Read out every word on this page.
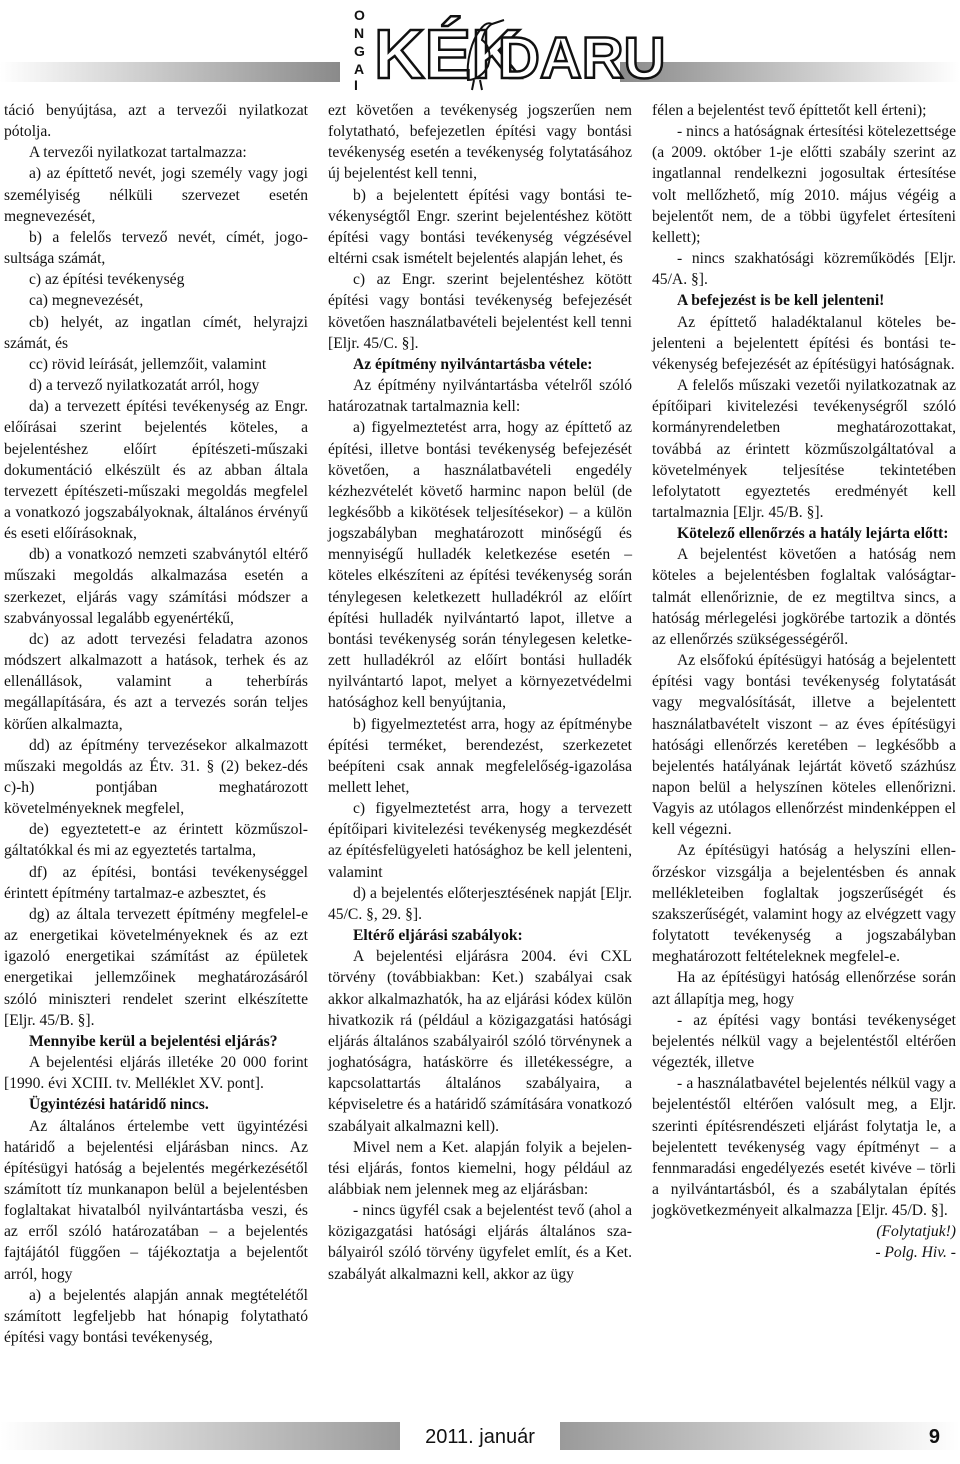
O
N
G
A
I KÉK
DARU

táció benyújtása, azt a tervezői nyilatkozat pótolja.

A tervezői nyilatkozat tartalmazza:

a) az építtető nevét, jogi személy vagy jogi személyiség nélküli szervezet esetén megnevezését,

b) a felelős tervező nevét, címét, jogosultsága számát,

c) az építési tevékenység

ca) megnevezését,

cb) helyét, az ingatlan címét, helyrajzi számát, és

cc) rövid leírását, jellemzőit, valamint

d) a tervező nyilatkozatát arról, hogy

da) a tervezett építési tevékenység az Engr. előírásai szerint bejelentés köteles, a bejelentéshez előírt építészeti-műszaki dokumentáció elkészült és az abban általa tervezett építészeti-műszaki megoldás megfelel a vonatkozó jogszabályoknak, általános érvényű és eseti előírásoknak,

db) a vonatkozó nemzeti szabványtól eltérő műszaki megoldás alkalmazása esetén a szerkezet, eljárás vagy számítási módszer a szabványossal legalább egyenértékű,

dc) az adott tervezési feladatra azonos módszert alkalmazott a hatások, terhek és az ellenállások, valamint a teherbírás megállapítására, és azt a tervezés során teljes körűen alkalmazta,

dd) az építmény tervezésekor alkalmazott műszaki megoldás az Étv. 31. § (2) bekez-dés c)-h) pontjában meghatározott követelményeknek megfelel,

de) egyeztetett-e az érintett közműszolgáltatókkal és mi az egyeztetés tartalma,

df) az építési, bontási tevékenységgel érintett építmény tartalmaz-e azbesztet, és

dg) az általa tervezett építmény megfelel-e az energetikai követelményeknek és az ezt igazoló energetikai számítást az épületek energetikai jellemzőinek meghatározásáról szóló miniszteri rendelet szerint elkészítette [Eljr. 45/B. §].

Mennyibe kerül a bejelentési eljárás?

A bejelentési eljárás illetéke 20 000 forint [1990. évi XCIII. tv. Melléklet XV. pont].

Ügyintézési határidő nincs.

Az általános értelembe vett ügyintézési határidő a bejelentési eljárásban nincs. Az építésügyi hatóság a bejelentés megérkezésétől számított tíz munkanapon belül a bejelentésben foglaltakat hivatalból nyilvántartásba veszi, és az erről szóló határozatában – a bejelentés fajtájától függően – tájékoztatja a bejelentőt arról, hogy

a) a bejelentés alapján annak megtételétől számított legfeljebb hat hónapig folytatható építési vagy bontási tevékenység,

ezt követően a tevékenység jogszerűen nem folytatható, befejezetlen építési vagy bontási tevékenység esetén a tevékenység folytatásához új bejelentést kell tenni,

b) a bejelentett építési vagy bontási tevékenységtől Engr. szerint bejelentéshez kötött építési vagy bontási tevékenység végzésével eltérni csak ismételt bejelentés alapján lehet, és

c) az Engr. szerint bejelentéshez kötött építési vagy bontási tevékenység befejezését követően használatbavételi bejelentést kell tenni [Eljr. 45/C. §].

Az építmény nyilvántartásba vétele:

Az építmény nyilvántartásba vételről szóló határozatnak tartalmaznia kell:

a) figyelmeztetést arra, hogy az építtető az építési, illetve bontási tevékenység befejezését követően, a használatbavételi engedély kézhezvételét követő harminc napon belül (de legkésőbb a kikötések teljesítésekor) – a külön jogszabályban meghatározott minőségű és mennyiségű hulladék keletkezése esetén – köteles elkészíteni az építési tevékenység során ténylegesen keletkezett hulladékról az előírt építési hulladék nyilvántartó lapot, illetve a bontási tevékenység során ténylegesen keletkezett hulladékról az előírt bontási hulladék nyilvántartó lapot, melyet a környezetvédelmi hatósághoz kell benyújtania,

b) figyelmeztetést arra, hogy az építménybe építési terméket, berendezést, szerkezetet beépíteni csak annak megfelelőség-igazolása mellett lehet,

c) figyelmeztetést arra, hogy a tervezett építőipari kivitelezési tevékenység megkezdését az építésfelügyeleti hatósághoz be kell jelenteni, valamint

d) a bejelentés előterjesztésének napját [Eljr. 45/C. §, 29. §].

Eltérő eljárási szabályok:

A bejelentési eljárásra 2004. évi CXL törvény (továbbiakban: Ket.) szabályai csak akkor alkalmazhatók, ha az eljárási kódex külön hivatkozik rá (például a közigazgatási hatósági eljárás általános szabályairól szóló törvénynek a joghatóságra, hatáskörre és illetékességre, a kapcsolattartás általános szabályaira, a képviseletre és a határidő számítására vonatkozó szabályait alkalmazni kell).

Mivel nem a Ket. alapján folyik a bejelentési eljárás, fontos kiemelni, hogy például az alábbiak nem jelennek meg az eljárásban:

- nincs ügyfél csak a bejelentést tevő (ahol a közigazgatási hatósági eljárás általános szabályairól szóló törvény ügyfelet említ, és a Ket. szabályát alkalmazni kell, akkor az ügy

félen a bejelentést tevő építtetőt kell érteni);

- nincs a hatóságnak értesítési kötelezettsége (a 2009. október 1-je előtti szabály szerint az ingatlannal rendelkezni jogosultak értesítése volt mellőzhető, míg 2010. május végéig a bejelentőt nem, de a többi ügyfelet értesíteni kellett);

- nincs szakhatósági közreműködés [Eljr. 45/A. §].

A befejezést is be kell jelenteni!

Az építtető haladéktalanul köteles bejelenteni a bejelentett építési és bontási tevékenység befejezését az építésügyi hatóságnak.

A felelős műszaki vezetői nyilatkozatnak az építőipari kivitelezési tevékenységről szóló kormányrendeletben meghatározottakat, továbbá az érintett közműszolgáltatóval a követelmények teljesítése tekintetében lefolytatott egyeztetés eredményét kell tartalmaznia [Eljr. 45/B. §].

Kötelező ellenőrzés a hatály lejárta előtt:

A bejelentést követően a hatóság nem köteles a bejelentésben foglaltak valóságtartalmát ellenőriznie, de ez megtiltva sincs, a hatóság mérlegelési jogkörébe tartozik a döntés az ellenőrzés szükségességéről.

Az elsőfokú építésügyi hatóság a bejelentett építési vagy bontási tevékenység folytatását vagy megvalósítását, illetve a bejelentett használatbavételt viszont – az éves építésügyi hatósági ellenőrzés keretében – legkésőbb a bejelentés hatályának lejártát követő százhúsz napon belül a helyszínen köteles ellenőrizni. Vagyis az utólagos ellenőrzést mindenképpen el kell végezni.

Az építésügyi hatóság a helyszíni ellenőrzéskor vizsgálja a bejelentésben és annak mellékleteiben foglaltak jogszerűségét és szakszerűségét, valamint hogy az elvégzett vagy folytatott tevékenység a jogszabályban meghatározott feltételeknek megfelel-e.

Ha az építésügyi hatóság ellenőrzése során azt állapítja meg, hogy

- az építési vagy bontási tevékenységet bejelentés nélkül vagy a bejelentéstől eltérően végezték, illetve

- a használatbavétel bejelentés nélkül vagy a bejelentéstől eltérően valósult meg, a Eljr. szerinti építésrendészeti eljárást folytatja le, a bejelentett tevékenység vagy építményt – a fennmaradási engedélyezés esetét kivéve – törli a nyilvántartásból, és a szabálytalan építés jogkövetkezményeit alkalmazza [Eljr. 45/D. §].

(Folytatjuk!)

- Polg. Hiv. -

2011. január	9
